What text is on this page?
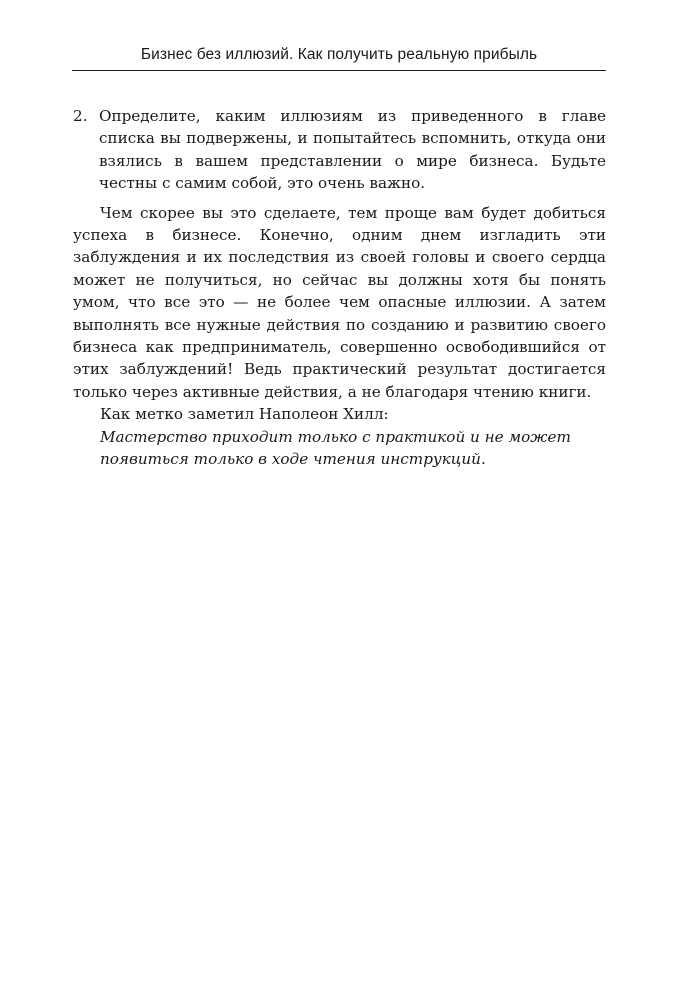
Бизнес без иллюзий. Как получить реальную прибыль
2. Определите, каким иллюзиям из приведенного в главе списка вы подвержены, и попытайтесь вспомнить, откуда они взялись в вашем представлении о мире бизнеса. Будьте честны с самим собой, это очень важно.

Чем скорее вы это сделаете, тем проще вам будет добиться успеха в бизнесе. Конечно, одним днем изгладить эти заблуждения и их последствия из своей головы и своего сердца может не получиться, но сейчас вы должны хотя бы понять умом, что все это — не более чем опасные иллюзии. А затем выполнять все нужные действия по созданию и развитию своего бизнеса как предприниматель, совершенно освободившийся от этих заблуждений! Ведь практический результат достигается только через активные действия, а не благодаря чтению книги.

Как метко заметил Наполеон Хилл:

Мастерство приходит только с практикой и не может появиться только в ходе чтения инструкций.
